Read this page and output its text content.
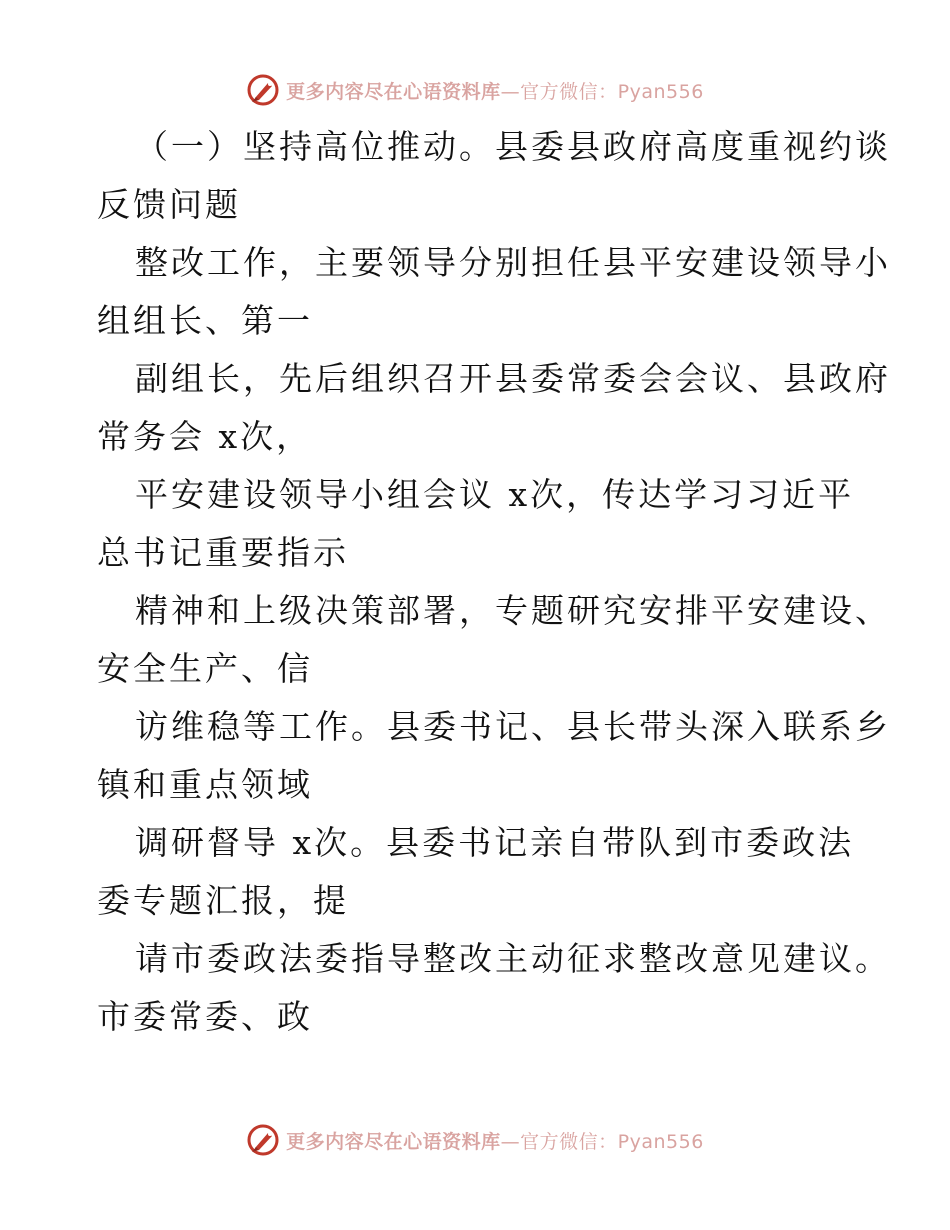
更多内容尽在心语资料库—官方微信：Pyan556
（一）坚持高位推动。县委县政府高度重视约谈
反馈问题
整改工作，主要领导分别担任县平安建设领导小
组组长、第一
副组长，先后组织召开县委常委会会议、县政府
常务会 x次，
平安建设领导小组会议 x次，传达学习习近平
总书记重要指示
精神和上级决策部署，专题研究安排平安建设、
安全生产、信
访维稳等工作。县委书记、县长带头深入联系乡
镇和重点领域
调研督导 x次。县委书记亲自带队到市委政法
委专题汇报，提
请市委政法委指导整改主动征求整改意见建议。
市委常委、政
更多内容尽在心语资料库—官方微信：Pyan556
